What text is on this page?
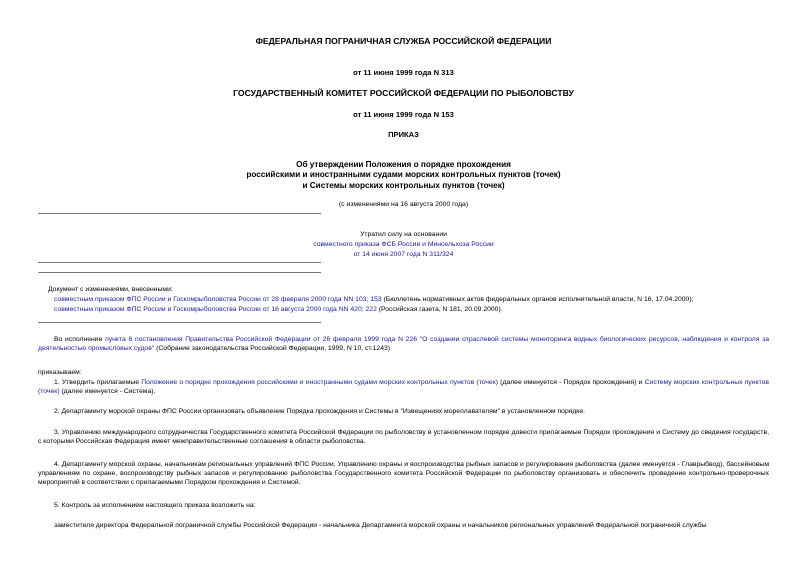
ФЕДЕРАЛЬНАЯ ПОГРАНИЧНАЯ СЛУЖБА РОССИЙСКОЙ ФЕДЕРАЦИИ
от 11 июня 1999 года N 313
ГОСУДАРСТВЕННЫЙ КОМИТЕТ РОССИЙСКОЙ ФЕДЕРАЦИИ ПО РЫБОЛОВСТВУ
от 11 июня 1999 года N 153
ПРИКАЗ
Об утверждении Положения о порядке прохождения
российскими и иностранными судами морских контрольных пунктов (точек)
и Системы морских контрольных пунктов (точек)
(с изменениями на 16 августа 2000 года)
Утратил силу на основании
совместного приказа ФСБ России и Минсельхоза России
от 14 июня 2007 года N 311/324
Документ с изменениями, внесенными:
совместным приказом ФПС России и Госкомрыболовства России от 28 февраля 2000 года NN 103; 153 (Бюллетень нормативных актов федеральных органов исполнительной власти, N 16, 17.04.2000);
совместным приказом ФПС России и Госкомрыболовства России от 16 августа 2000 года NN 420; 222 (Российская газета, N 181, 20.09.2000).
Во исполнение пункта 6 постановления Правительства Российской Федерации от 26 февраля 1999 года N 226 "О создании отраслевой системы мониторинга водных биологических ресурсов, наблюдения и контроля за деятельностью промысловых судов" (Собрание законодательства Российской Федерации, 1999, N 10, ст.1243)
приказываем:
1. Утвердить прилагаемые Положение о порядке прохождения российскими и иностранными судами морских контрольных пунктов (точек) (далее именуется - Порядок прохождения) и Систему морских контрольных пунктов (точек) (далее именуется - Система).
2. Департаменту морской охраны ФПС России организовать объявление Порядка прохождения и Системы в "Извещениях мореплавателям" в установленном порядке.
3. Управлению международного сотрудничества Государственного комитета Российской Федерации по рыболовству в установленном порядке довести прилагаемые Порядок прохождения и Систему до сведения государств, с которыми Российская Федерация имеет межправительственные соглашения в области рыболовства.
4. Департаменту морской охраны, начальникам региональных управлений ФПС России, Управлению охраны и воспроизводства рыбных запасов и регулирования рыболовства (далее именуется - Главрыбвод), бассейновым управлениям по охране, воспроизводству рыбных запасов и регулированию рыболовства Государственного комитета Российской Федерации по рыболовству организовать и обеспечить проведение контрольно-проверочных мероприятий в соответствии с прилагаемыми Порядком прохождения и Системой.
5. Контроль за исполнением настоящего приказа возложить на:
заместителя директора Федеральной пограничной службы Российской Федерации - начальника Департамента морской охраны и начальников региональных управлений Федеральной пограничной службы
